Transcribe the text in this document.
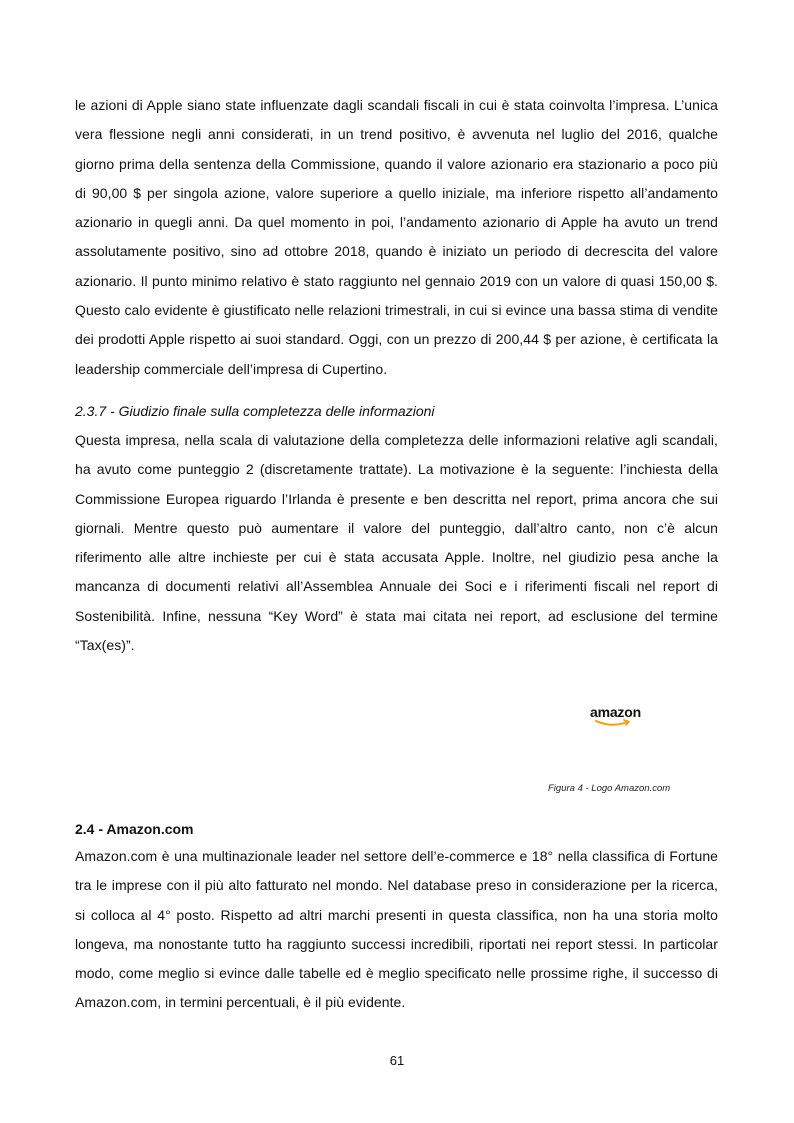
le azioni di Apple siano state influenzate dagli scandali fiscali in cui è stata coinvolta l’impresa. L’unica vera flessione negli anni considerati, in un trend positivo, è avvenuta nel luglio del 2016, qualche giorno prima della sentenza della Commissione, quando il valore azionario era stazionario a poco più di 90,00 $ per singola azione, valore superiore a quello iniziale, ma inferiore rispetto all’andamento azionario in quegli anni. Da quel momento in poi, l’andamento azionario di Apple ha avuto un trend assolutamente positivo, sino ad ottobre 2018, quando è iniziato un periodo di decrescita del valore azionario. Il punto minimo relativo è stato raggiunto nel gennaio 2019 con un valore di quasi 150,00 $. Questo calo evidente è giustificato nelle relazioni trimestrali, in cui si evince una bassa stima di vendite dei prodotti Apple rispetto ai suoi standard. Oggi, con un prezzo di 200,44 $ per azione, è certificata la leadership commerciale dell’impresa di Cupertino.

2.3.7 - Giudizio finale sulla completezza delle informazioni

Questa impresa, nella scala di valutazione della completezza delle informazioni relative agli scandali, ha avuto come punteggio 2 (discretamente trattate). La motivazione è la seguente: l’inchiesta della Commissione Europea riguardo l’Irlanda è presente e ben descritta nel report, prima ancora che sui giornali. Mentre questo può aumentare il valore del punteggio, dall’altro canto, non c’è alcun riferimento alle altre inchieste per cui è stata accusata Apple. Inoltre, nel giudizio pesa anche la mancanza di documenti relativi all’Assemblea Annuale dei Soci e i riferimenti fiscali nel report di Sostenibilità. Infine, nessuna “Key Word” è stata mai citata nei report, ad esclusione del termine “Tax(es)”.

amazon

Figura 4 - Logo Amazon.com

2.4 - Amazon.com

Amazon.com è una multinazionale leader nel settore dell’e-commerce e 18° nella classifica di Fortune tra le imprese con il più alto fatturato nel mondo. Nel database preso in considerazione per la ricerca, si colloca al 4° posto. Rispetto ad altri marchi presenti in questa classifica, non ha una storia molto longeva, ma nonostante tutto ha raggiunto successi incredibili, riportati nei report stessi. In particolar modo, come meglio si evince dalle tabelle ed è meglio specificato nelle prossime righe, il successo di Amazon.com, in termini percentuali, è il più evidente.

61
